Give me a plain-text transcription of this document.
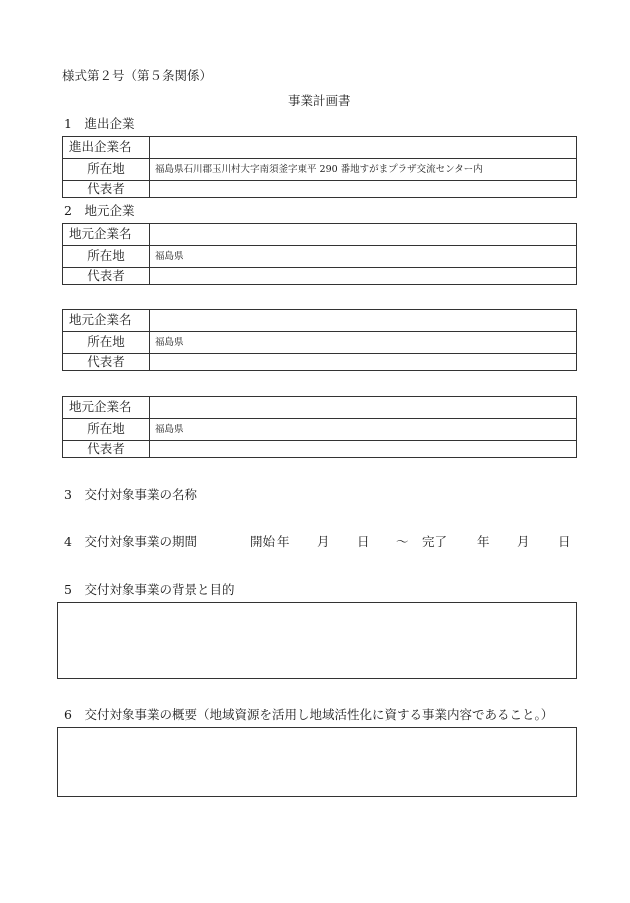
様式第２号（第５条関係）
事業計画書
1　進出企業
進出企業名	
所在地	福島県石川郡玉川村大字南須釜字東平 290 番地すがまプラザ交流センター内
代表者	
2　地元企業
地元企業名	
所在地	福島県
代表者	
地元企業名	
所在地	福島県
代表者	
地元企業名	
所在地	福島県
代表者	
3　交付対象事業の名称
4　交付対象事業の期間	開始 年 月 日 ～ 完了 年 月 日
5　交付対象事業の背景と目的
6　交付対象事業の概要（地域資源を活用し地域活性化に資する事業内容であること。）
